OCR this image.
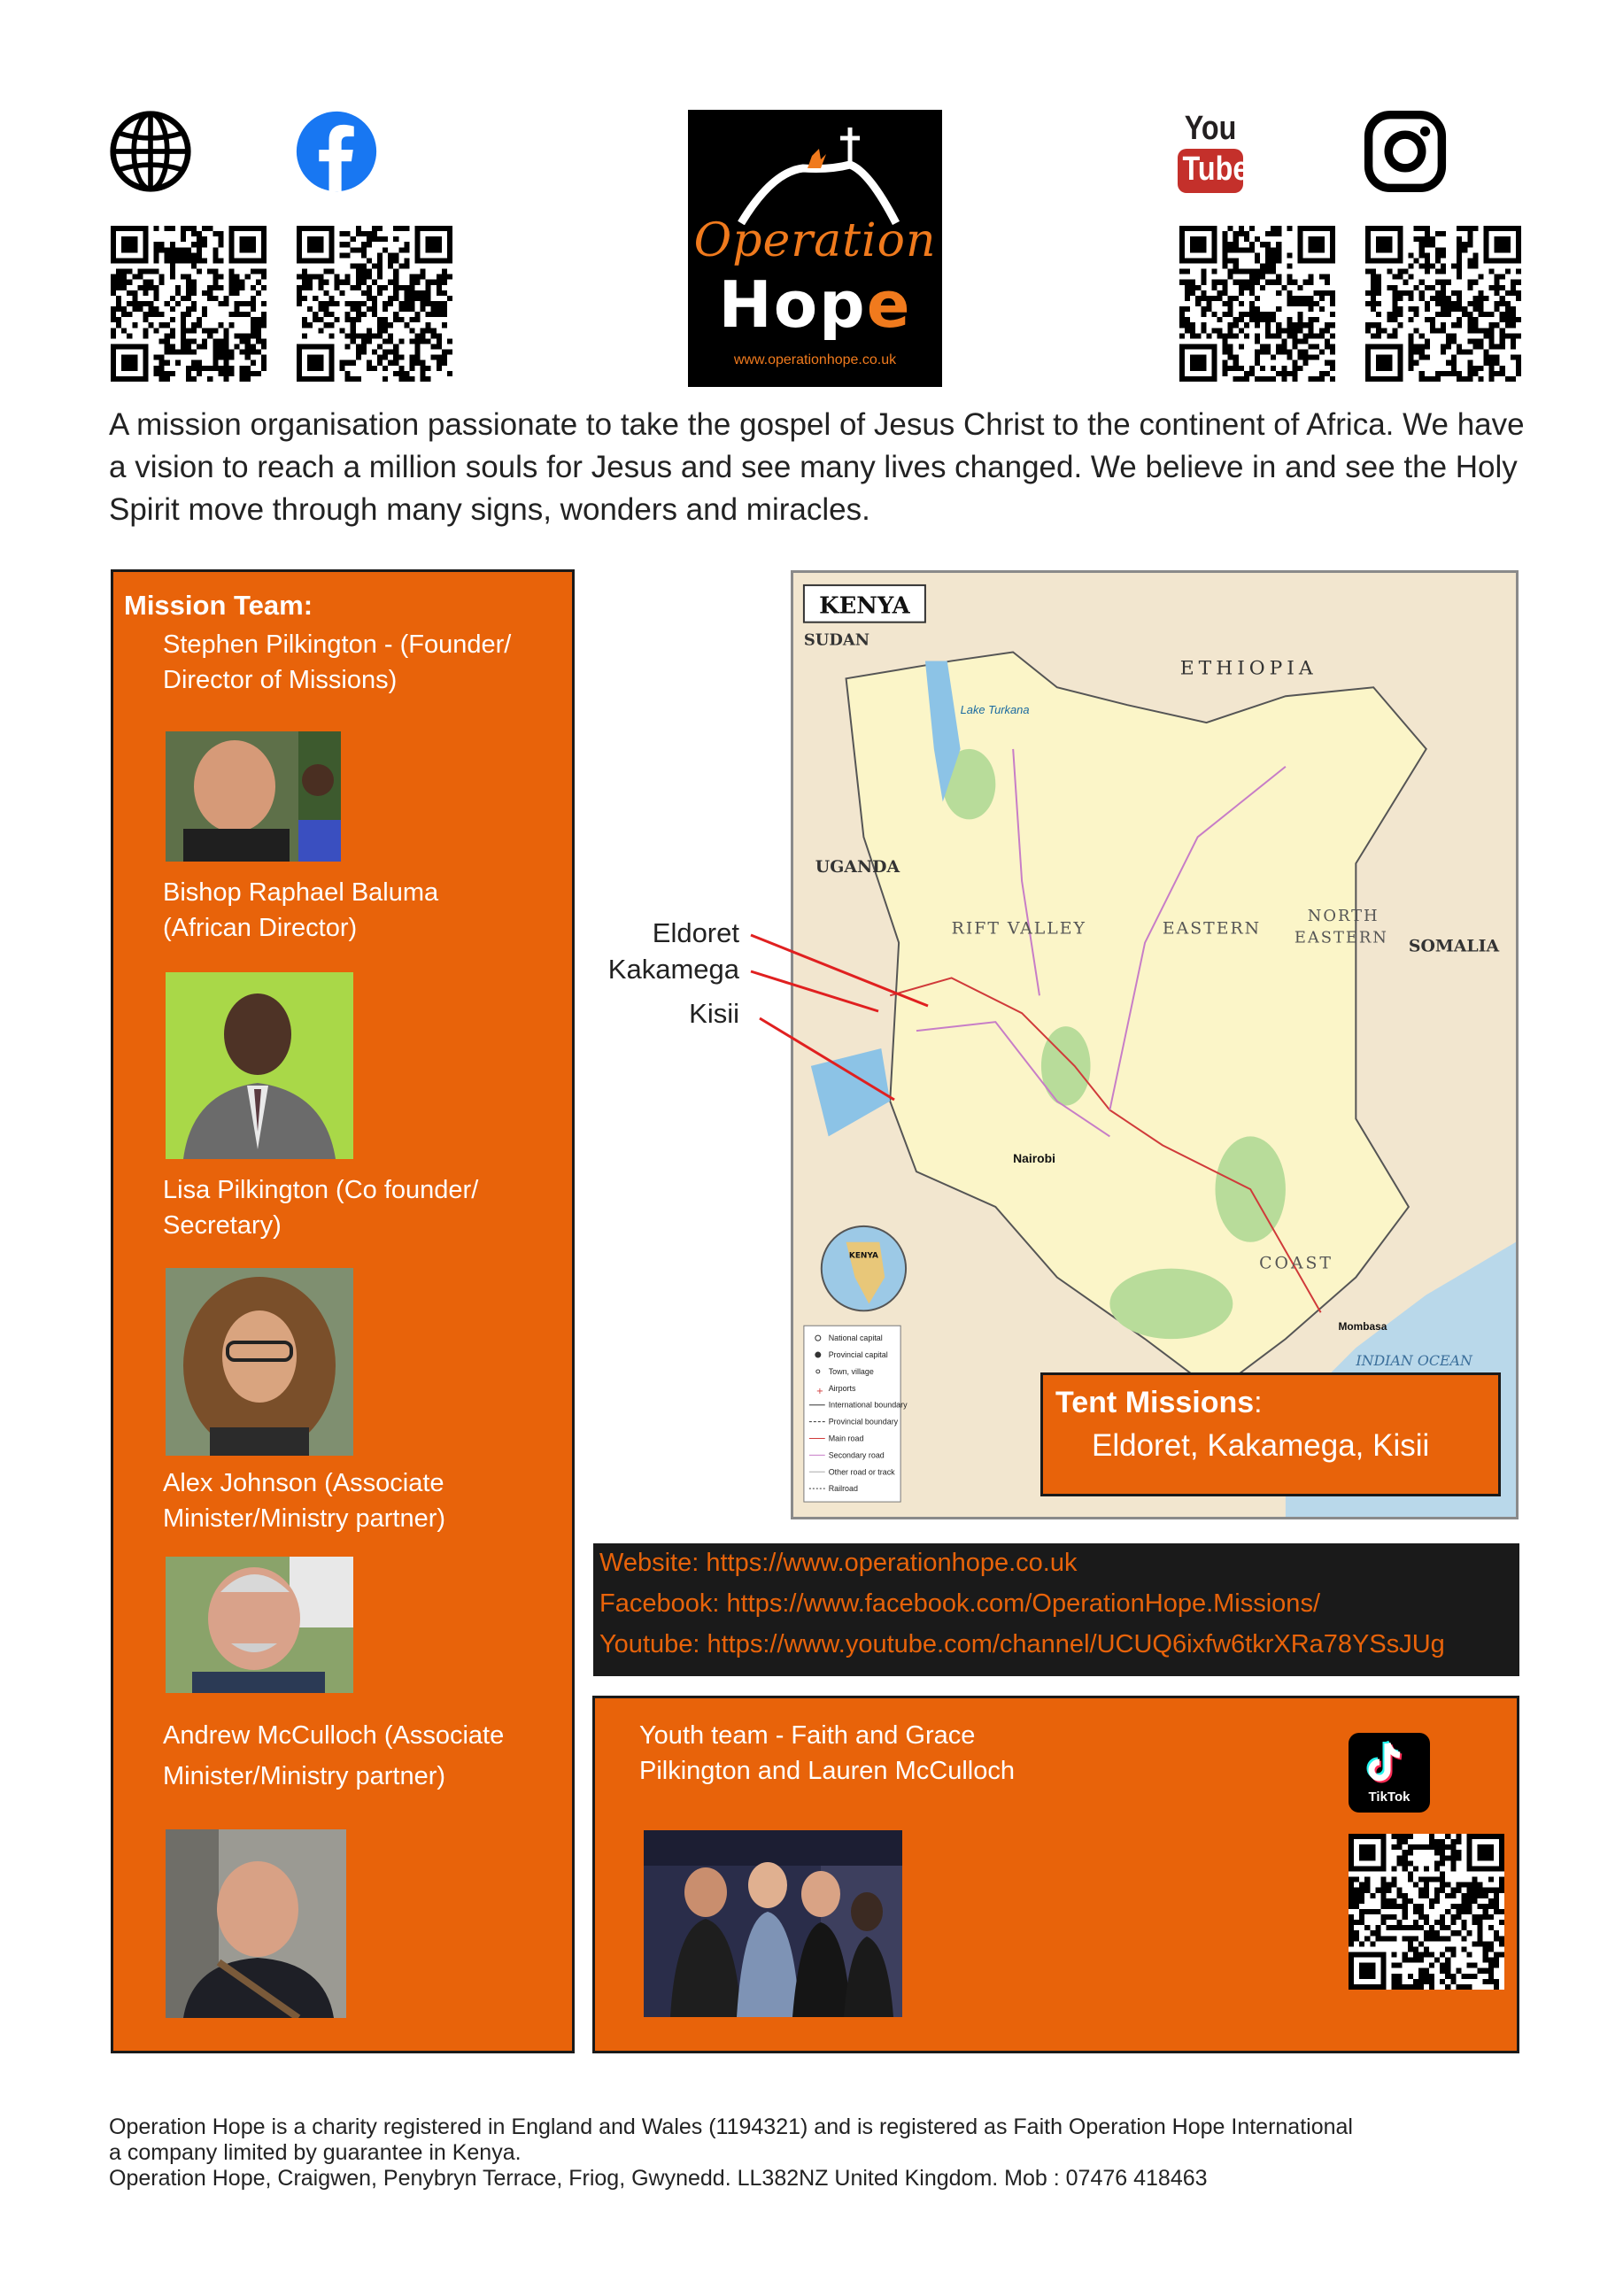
You
Tube
Operation
Hope
www.operationhope.co.uk
A mission organisation passionate to take the gospel of Jesus Christ to the continent of Africa. We have a vision to reach a million souls for Jesus and see many lives changed. We believe in and see the Holy Spirit move through many signs, wonders and miracles.
Mission Team:
Stephen Pilkington - (Founder/
Director of Missions)
Bishop Raphael Baluma
(African Director)
Lisa Pilkington (Co founder/
Secretary)
Alex Johnson (Associate
Minister/Ministry partner)
Andrew McCulloch (Associate
Minister/Ministry partner)
KENYA
ETHIOPIA
SUDAN
UGANDA
SOMALIA
RIFT VALLEY	EASTERN
NORTH
EASTERN
COAST
Nairobi
INDIAN OCEAN
Lake Turkana
Mombasa
KENYA
National capital
Provincial capital
Town, village
Airports
International boundary
Provincial boundary
Main road
Secondary road
Other road or track
Railroad
+
Eldoret
Kakamega
Kisii
Tent Missions:
Eldoret, Kakamega, Kisii
Website: https://www.operationhope.co.uk
Facebook: https://www.facebook.com/OperationHope.Missions/
Youtube: https://www.youtube.com/channel/UCUQ6ixfw6tkrXRa78YSsJUg
Youth team - Faith and Grace
Pilkington and Lauren McCulloch
TikTok
Operation Hope is a charity registered in England and Wales (1194321) and is registered as Faith Operation Hope International
a company limited by guarantee in Kenya.
Operation Hope, Craigwen, Penybryn Terrace, Friog, Gwynedd. LL382NZ United Kingdom. Mob : 07476 418463
